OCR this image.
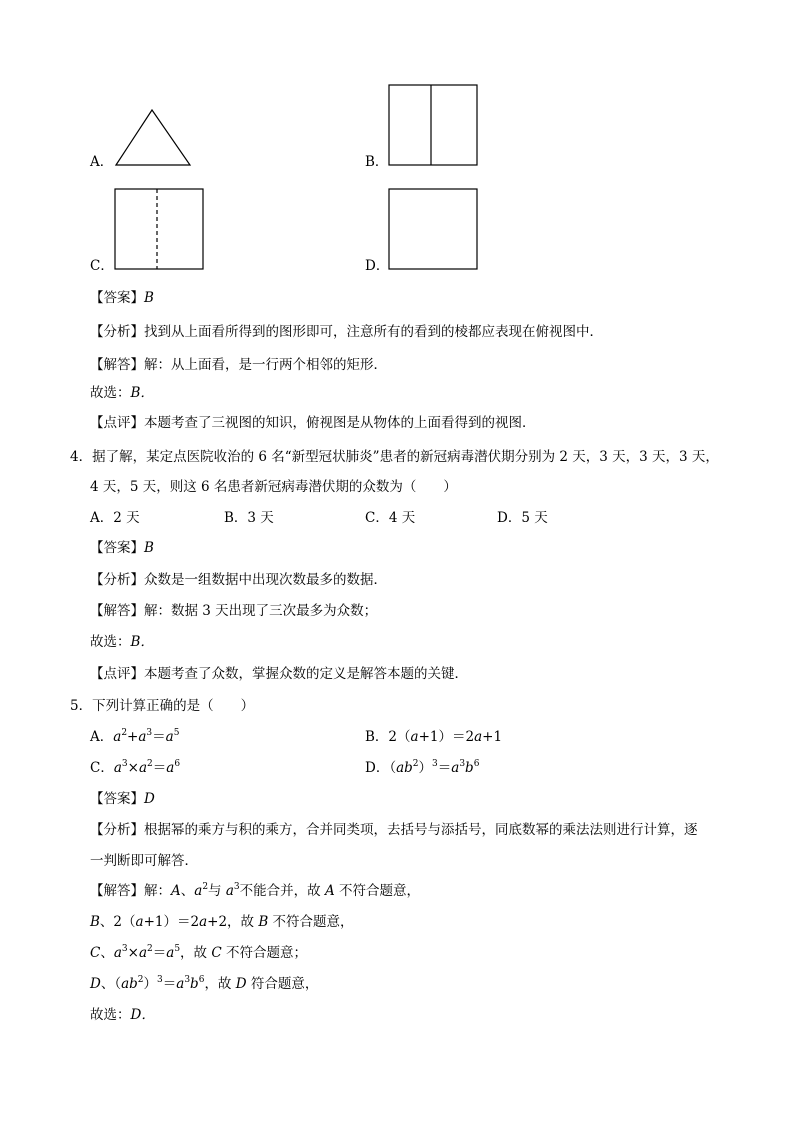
A．	B．
C．	D．
【答案】B
【分析】找到从上面看所得到的图形即可，注意所有的看到的棱都应表现在俯视图中．
【解答】解：从上面看，是一行两个相邻的矩形．
故选：B．
【点评】本题考查了三视图的知识，俯视图是从物体的上面看得到的视图．
4．据了解，某定点医院收治的 6 名“新型冠状肺炎”患者的新冠病毒潜伏期分别为 2 天，3 天，3 天，3 天，
4 天，5 天，则这 6 名患者新冠病毒潜伏期的众数为（　　）
A．2 天	B．3 天	C．4 天	D．5 天
【答案】B
【分析】众数是一组数据中出现次数最多的数据．
【解答】解：数据 3 天出现了三次最多为众数；
故选：B．
【点评】本题考查了众数，掌握众数的定义是解答本题的关键．
5．下列计算正确的是（　　）
A．$a^2+a^3=a^5$	B．2（a+1）＝2a+1
C．$a^3\times a^2=a^6$	D．$(ab^2)^3=a^3b^6$
【答案】D
【分析】根据幂的乘方与积的乘方，合并同类项，去括号与添括号，同底数幂的乘法法则进行计算，逐
一判断即可解答．
【解答】解：A、$a^2$与 $a^3$不能合并，故 A 不符合题意，
B、2（a+1）＝2a+2，故 B 不符合题意，
C、$a^3\times a^2=a^5$，故 C 不符合题意；
D、$(ab^2)^3=a^3b^6$，故 D 符合题意，
故选：D．
